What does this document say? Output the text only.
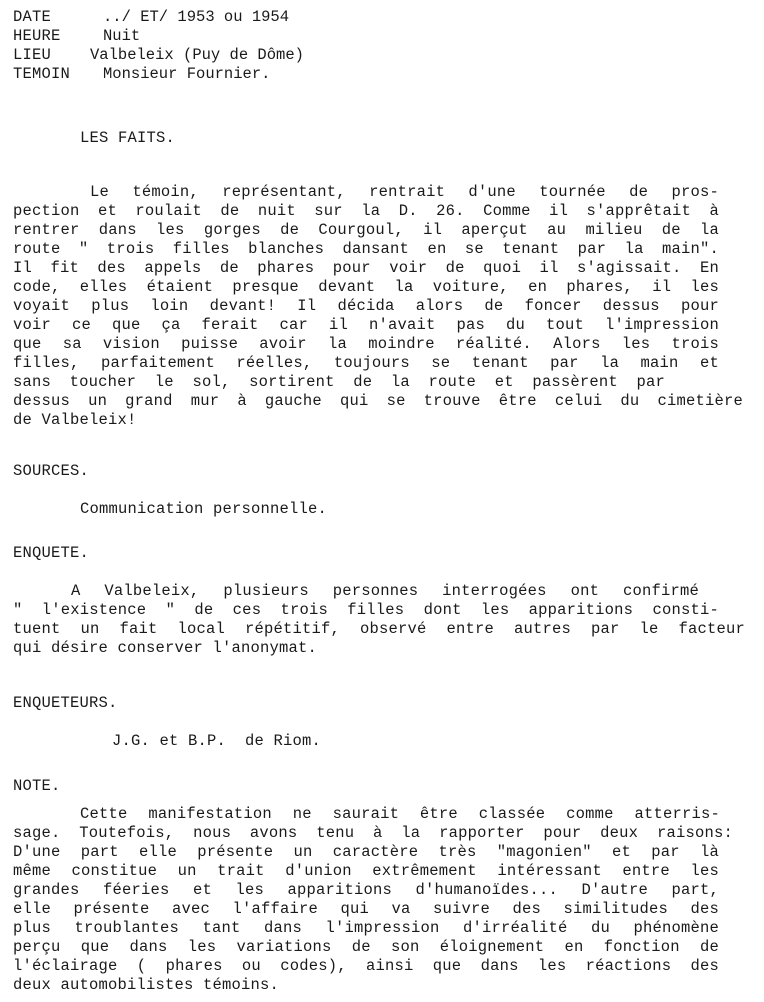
DATE	../ ET/ 1953 ou 1954
HEURE	Nuit
LIEU	Valbeleix (Puy de Dôme)
TEMOIN Monsieur Fournier.
LES FAITS.
Le témoin, représentant, rentrait d'une tournée de pros-
pection et roulait de nuit sur la D. 26. Comme il s'apprêtait à
rentrer dans les gorges de Courgoul, il aperçut au milieu de la
route " trois filles blanches dansant en se tenant par la main".
Il fit des appels de phares pour voir de quoi il s'agissait. En
code, elles étaient presque devant la voiture, en phares, il les
voyait plus loin devant! Il décida alors de foncer dessus pour
voir ce que ça ferait car il n'avait pas du tout l'impression
que sa vision puisse avoir la moindre réalité. Alors les trois
filles, parfaitement réelles, toujours se tenant par la main et
sans toucher le sol, sortirent de la route et passèrent par
dessus un grand mur à gauche qui se trouve être celui du cimetière
de Valbeleix!
SOURCES.
Communication personnelle.
ENQUETE.
A Valbeleix, plusieurs personnes interrogées ont confirmé
" l'existence " de ces trois filles dont les apparitions consti-
tuent un fait local répétitif, observé entre autres par le facteur
qui désire conserver l'anonymat.
ENQUETEURS.
J.G. et B.P.  de Riom.
NOTE.
Cette manifestation ne saurait être classée comme atterris-
sage. Toutefois, nous avons tenu à la rapporter pour deux raisons:
D'une part elle présente un caractère très "magonien" et par là
même constitue un trait d'union extrêmement intéressant entre les
grandes féeries et les apparitions d'humanoïdes... D'autre part,
elle présente avec l'affaire qui va suivre des similitudes des
plus troublantes tant dans l'impression d'irréalité du phénomène
perçu que dans les variations de son éloignement en fonction de
l'éclairage ( phares ou codes), ainsi que dans les réactions des
deux automobilistes témoins.
